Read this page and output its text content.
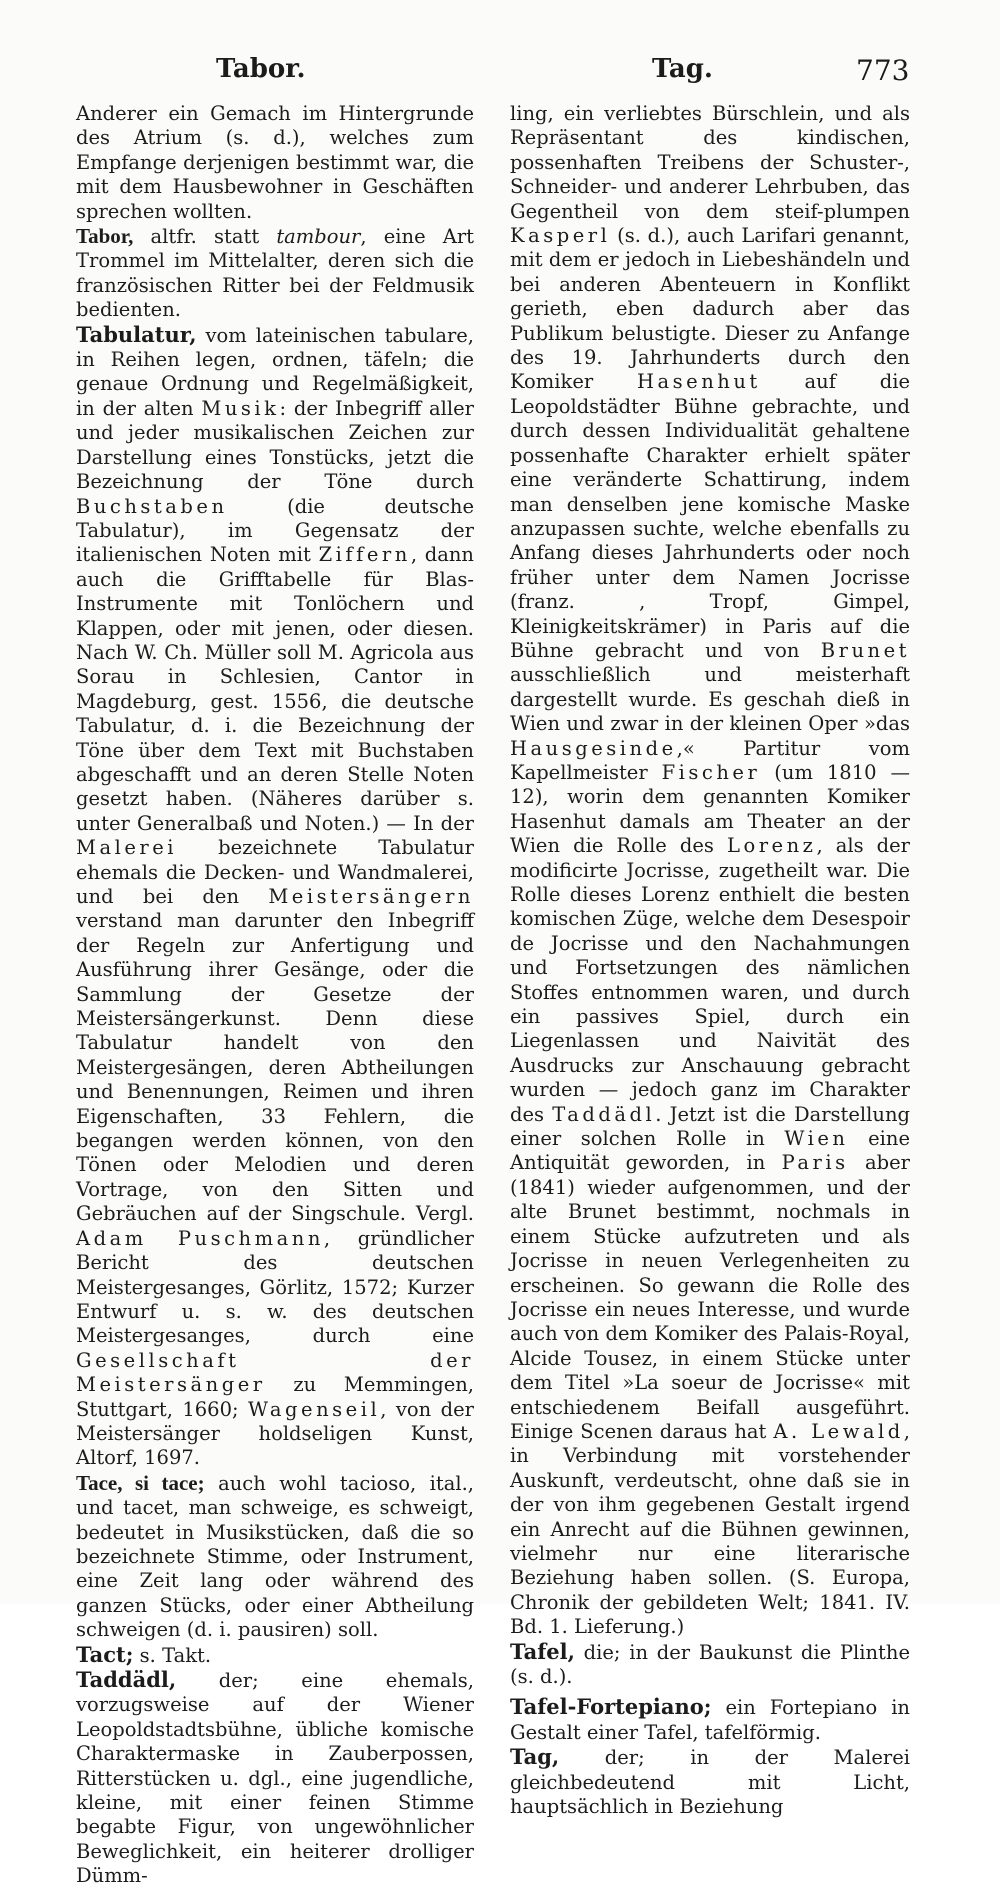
Tabor.	Tag.	773

Anderer ein Gemach im Hintergrunde des Atrium (s. d.), welches zum Empfange derjenigen bestimmt war, die mit dem Hausbewohner in Geschäften sprechen wollten.

Tabor, altfr. statt tambour, eine Art Trommel im Mittelalter, deren sich die französischen Ritter bei der Feldmusik bedienten.

Tabulatur, vom lateinischen tabulare, in Reihen legen, ordnen, täfeln; die genaue Ordnung und Regelmäßigkeit, in der alten Musik: der Inbegriff aller und jeder musikalischen Zeichen zur Darstellung eines Tonstücks, jetzt die Bezeichnung der Töne durch Buchstaben (die deutsche Tabulatur), im Gegensatz der italienischen Noten mit Ziffern, dann auch die Grifftabelle für Blas-Instrumente mit Tonlöchern und Klappen, oder mit jenen, oder diesen. Nach W. Ch. Müller soll M. Agricola aus Sorau in Schlesien, Cantor in Magdeburg, gest. 1556, die deutsche Tabulatur, d. i. die Bezeichnung der Töne über dem Text mit Buchstaben abgeschafft und an deren Stelle Noten gesetzt haben. (Näheres darüber s. unter Generalbaß und Noten.) — In der Malerei bezeichnete Tabulatur ehemals die Decken- und Wandmalerei, und bei den Meistersängern verstand man darunter den Inbegriff der Regeln zur Anfertigung und Ausführung ihrer Gesänge, oder die Sammlung der Gesetze der Meistersängerkunst. Denn diese Tabulatur handelt von den Meistergesängen, deren Abtheilungen und Benennungen, Reimen und ihren Eigenschaften, 33 Fehlern, die begangen werden können, von den Tönen oder Melodien und deren Vortrage, von den Sitten und Gebräuchen auf der Singschule. Vergl. Adam Puschmann, gründlicher Bericht des deutschen Meistergesanges, Görlitz, 1572; Kurzer Entwurf u. s. w. des deutschen Meistergesanges, durch eine Gesellschaft der Meistersänger zu Memmingen, Stuttgart, 1660; Wagenseil, von der Meistersänger holdseligen Kunst, Altorf, 1697.

Tace, si tace; auch wohl tacioso, ital., und tacet, man schweige, es schweigt, bedeutet in Musikstücken, daß die so bezeichnete Stimme, oder Instrument, eine Zeit lang oder während des ganzen Stücks, oder einer Abtheilung schweigen (d. i. pausiren) soll.

Tact; s. Takt.

Taddädl, der; eine ehemals, vorzugsweise auf der Wiener Leopoldstadtsbühne, übliche komische Charaktermaske in Zauberpossen, Ritterstücken u. dgl., eine jugendliche, kleine, mit einer feinen Stimme begabte Figur, von ungewöhnlicher Beweglichkeit, ein heiterer drolliger Dümm-

ling, ein verliebtes Bürschlein, und als Repräsentant des kindischen, possenhaften Treibens der Schuster-, Schneider- und anderer Lehrbuben, das Gegentheil von dem steif-plumpen Kasperl (s. d.), auch Larifari genannt, mit dem er jedoch in Liebeshändeln und bei anderen Abenteuern in Konflikt gerieth, eben dadurch aber das Publikum belustigte. Dieser zu Anfange des 19. Jahrhunderts durch den Komiker Hasenhut auf die Leopoldstädter Bühne gebrachte, und durch dessen Individualität gehaltene possenhafte Charakter erhielt später eine veränderte Schattirung, indem man denselben jene komische Maske anzupassen suchte, welche ebenfalls zu Anfang dieses Jahrhunderts oder noch früher unter dem Namen Jocrisse (franz. , Tropf, Gimpel, Kleinigkeitskrämer) in Paris auf die Bühne gebracht und von Brunet ausschließlich und meisterhaft dargestellt wurde. Es geschah dieß in Wien und zwar in der kleinen Oper »das Hausgesinde,« Partitur vom Kapellmeister Fischer (um 1810 — 12), worin dem genannten Komiker Hasenhut damals am Theater an der Wien die Rolle des Lorenz, als der modificirte Jocrisse, zugetheilt war. Die Rolle dieses Lorenz enthielt die besten komischen Züge, welche dem Desespoir de Jocrisse und den Nachahmungen und Fortsetzungen des nämlichen Stoffes entnommen waren, und durch ein passives Spiel, durch ein Liegenlassen und Naivität des Ausdrucks zur Anschauung gebracht wurden — jedoch ganz im Charakter des Taddädl. Jetzt ist die Darstellung einer solchen Rolle in Wien eine Antiquität geworden, in Paris aber (1841) wieder aufgenommen, und der alte Brunet bestimmt, nochmals in einem Stücke aufzutreten und als Jocrisse in neuen Verlegenheiten zu erscheinen. So gewann die Rolle des Jocrisse ein neues Interesse, und wurde auch von dem Komiker des Palais-Royal, Alcide Tousez, in einem Stücke unter dem Titel »La soeur de Jocrisse« mit entschiedenem Beifall ausgeführt. Einige Scenen daraus hat A. Lewald, in Verbindung mit vorstehender Auskunft, verdeutscht, ohne daß sie in der von ihm gegebenen Gestalt irgend ein Anrecht auf die Bühnen gewinnen, vielmehr nur eine literarische Beziehung haben sollen. (S. Europa, Chronik der gebildeten Welt; 1841. IV. Bd. 1. Lieferung.)

Tafel, die; in der Baukunst die Plinthe (s. d.).

Tafel-Fortepiano; ein Fortepiano in Gestalt einer Tafel, tafelförmig.

Tag, der; in der Malerei gleichbedeutend mit Licht, hauptsächlich in Beziehung
